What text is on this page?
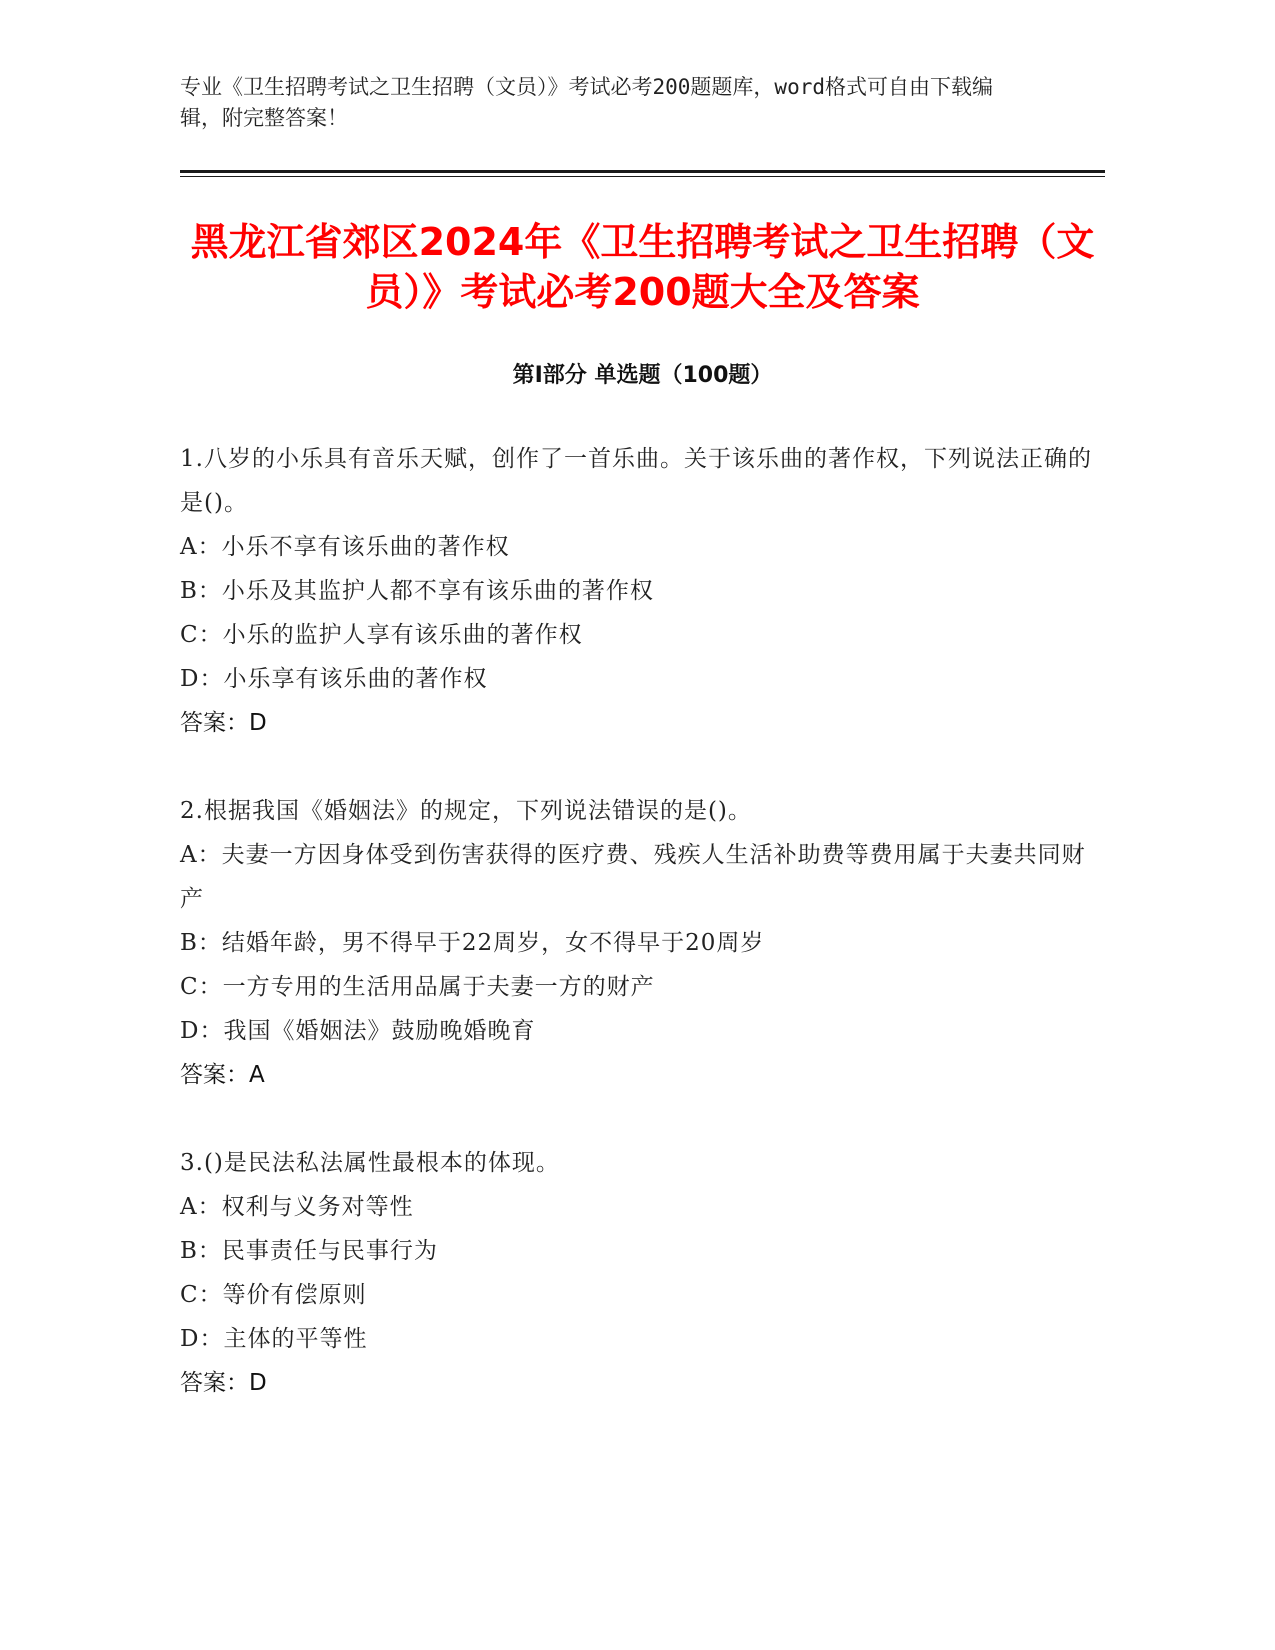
专业《卫生招聘考试之卫生招聘（文员）》考试必考200题题库，word格式可自由下载编辑，附完整答案！
黑龙江省郊区2024年《卫生招聘考试之卫生招聘（文员）》考试必考200题大全及答案
第Ⅰ部分 单选题（100题）
1.八岁的小乐具有音乐天赋，创作了一首乐曲。关于该乐曲的著作权，下列说法正确的是()。
A：小乐不享有该乐曲的著作权
B：小乐及其监护人都不享有该乐曲的著作权
C：小乐的监护人享有该乐曲的著作权
D：小乐享有该乐曲的著作权
答案：D
2.根据我国《婚姻法》的规定，下列说法错误的是()。
A：夫妻一方因身体受到伤害获得的医疗费、残疾人生活补助费等费用属于夫妻共同财产
B：结婚年龄，男不得早于22周岁，女不得早于20周岁
C：一方专用的生活用品属于夫妻一方的财产
D：我国《婚姻法》鼓励晚婚晚育
答案：A
3.()是民法私法属性最根本的体现。
A：权利与义务对等性
B：民事责任与民事行为
C：等价有偿原则
D：主体的平等性
答案：D
